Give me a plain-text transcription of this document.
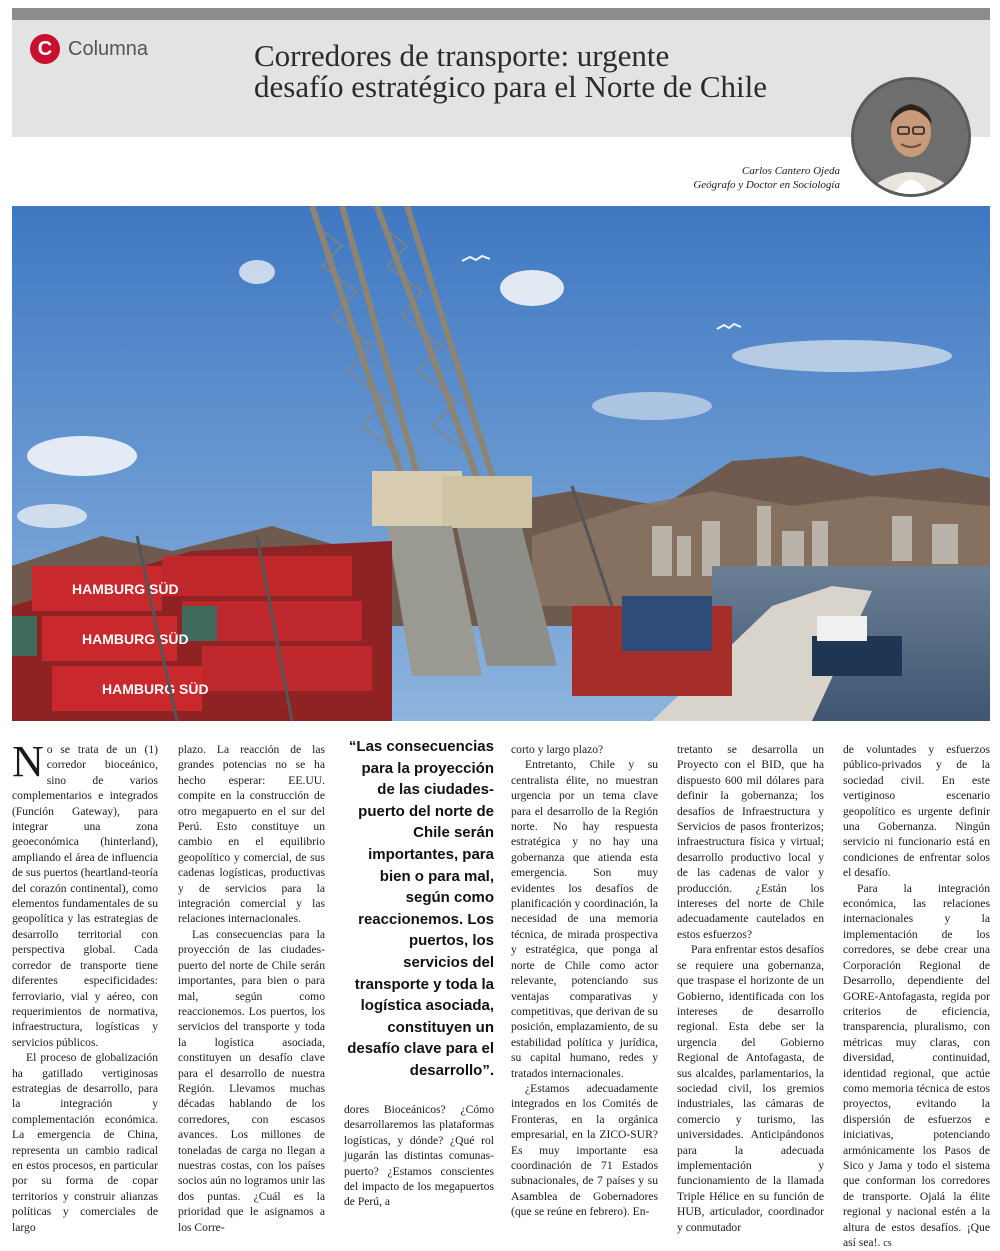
C Columna	Corredores de transporte: urgente
desafío estratégico para el Norte de Chile
Carlos Cantero Ojeda
Geógrafo y Doctor en Sociología
HAMBURG SÜD
HAMBURG SÜD
HAMBURG SÜD

No se trata de un (1) corredor bioceánico, sino de varios complementarios e integrados (Función Gateway), para integrar una zona geoeconómica (hinterland), ampliando el área de influencia de sus puertos (heartland-teoría del corazón continental), como elementos fundamentales de su geopolítica y las estrategias de desarrollo territorial con perspectiva global. Cada corredor de transporte tiene diferentes especificidades: ferroviario, vial y aéreo, con requerimientos de normativa, infraestructura, logísticas y servicios públicos.

El proceso de globalización ha gatillado vertiginosas estrategias de desarrollo, para la integración y complementación económica. La emergencia de China, representa un cambio radical en estos procesos, en particular por su forma de copar territorios y construir alianzas políticas y comerciales de largo

plazo. La reacción de las grandes potencias no se ha hecho esperar: EE.UU. compite en la construcción de otro megapuerto en el sur del Perú. Esto constituye un cambio en el equilibrio geopolítico y comercial, de sus cadenas logísticas, productivas y de servicios para la integración comercial y las relaciones internacionales.

Las consecuencias para la proyección de las ciudades-puerto del norte de Chile serán importantes, para bien o para mal, según como reaccionemos. Los puertos, los servicios del transporte y toda la logística asociada, constituyen un desafío clave para el desarrollo de nuestra Región. Llevamos muchas décadas hablando de los corredores, con escasos avances. Los millones de toneladas de carga no llegan a nuestras costas, con los países socios aún no logramos unir las dos puntas. ¿Cuál es la prioridad que le asignamos a los Corre-

“Las consecuencias para la proyección de las ciudades-puerto del norte de Chile serán importantes, para bien o para mal, según como reaccionemos. Los puertos, los servicios del transporte y toda la logística asociada, constituyen un desafío clave para el desarrollo”.

dores Bioceánicos? ¿Cómo desarrollaremos las plataformas logísticas, y dónde? ¿Qué rol jugarán las distintas comunas-puerto? ¿Estamos conscientes del impacto de los megapuertos de Perú, a

corto y largo plazo?

Entretanto, Chile y su centralista élite, no muestran urgencia por un tema clave para el desarrollo de la Región norte. No hay respuesta estratégica y no hay una gobernanza que atienda esta emergencia. Son muy evidentes los desafíos de planificación y coordinación, la necesidad de una memoria técnica, de mirada prospectiva y estratégica, que ponga al norte de Chile como actor relevante, potenciando sus ventajas comparativas y competitivas, que derivan de su posición, emplazamiento, de su estabilidad política y jurídica, su capital humano, redes y tratados internacionales.

¿Estamos adecuadamente integrados en los Comités de Fronteras, en la orgánica empresarial, en la ZICO-SUR? Es muy importante esa coordinación de 71 Estados subnacionales, de 7 países y su Asamblea de Gobernadores (que se reúne en febrero). En-

tretanto se desarrolla un Proyecto con el BID, que ha dispuesto 600 mil dólares para definir la gobernanza; los desafíos de Infraestructura y Servicios de pasos fronterizos; infraestructura física y virtual; desarrollo productivo local y de las cadenas de valor y producción. ¿Están los intereses del norte de Chile adecuadamente cautelados en estos esfuerzos?

Para enfrentar estos desafíos se requiere una gobernanza, que traspase el horizonte de un Gobierno, identificada con los intereses de desarrollo regional. Esta debe ser la urgencia del Gobierno Regional de Antofagasta, de sus alcaldes, parlamentarios, la sociedad civil, los gremios industriales, las cámaras de comercio y turismo, las universidades. Anticipándonos para la adecuada implementación y funcionamiento de la llamada Triple Hélice en su función de HUB, articulador, coordinador y conmutador

de voluntades y esfuerzos público-privados y de la sociedad civil. En este vertiginoso escenario geopolítico es urgente definir una Gobernanza. Ningún servicio ni funcionario está en condiciones de enfrentar solos el desafío.

Para la integración económica, las relaciones internacionales y la implementación de los corredores, se debe crear una Corporación Regional de Desarrollo, dependiente del GORE-Antofagasta, regida por criterios de eficiencia, transparencia, pluralismo, con métricas muy claras, con diversidad, continuidad, identidad regional, que actúe como memoria técnica de estos proyectos, evitando la dispersión de esfuerzos e iniciativas, potenciando armónicamente los Pasos de Sico y Jama y todo el sistema que conforman los corredores de transporte. Ojalá la élite regional y nacional estén a la altura de estos desafíos. ¡Que así sea!. cs
